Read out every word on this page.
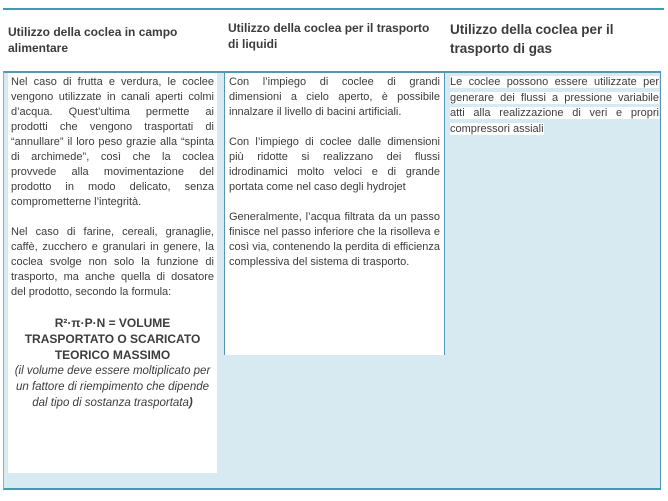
Utilizzo della coclea in campo alimentare
Utilizzo della coclea per il trasporto di liquidi
Utilizzo della coclea per il trasporto di gas

Nel caso di frutta e verdura, le coclee vengono utilizzate in canali aperti colmi d’acqua. Quest’ultima permette ai prodotti che vengono trasportati di “annullare” il loro peso grazie alla “spinta di archimede”, così che la coclea provvede alla movimentazione del prodotto in modo delicato, senza comprometterne l’integrità.

Nel caso di farine, cereali, granaglie, caffè, zucchero e granulari in genere, la coclea svolge non solo la funzione di trasporto, ma anche quella di dosatore del prodotto, secondo la formula:

R²·π·P·N = VOLUME
TRASPORTATO O SCARICATO
TEORICO MASSIMO
(il volume deve essere moltiplicato per un fattore di riempimento che dipende dal tipo di sostanza trasportata)

Con l’impiego di coclee di grandi dimensioni a cielo aperto, è possibile innalzare il livello di bacini artificiali.

Con l’impiego di coclee dalle dimensioni più ridotte si realizzano dei flussi idrodinamici molto veloci e di grande portata come nel caso degli hydrojet

Generalmente, l’acqua filtrata da un passo finisce nel passo inferiore che la risolleva e così via, contenendo la perdita di efficienza complessiva del sistema di trasporto.

Le coclee possono essere utilizzate per generare dei flussi a pressione variabile atti alla realizzazione di veri e propri compressori assiali
